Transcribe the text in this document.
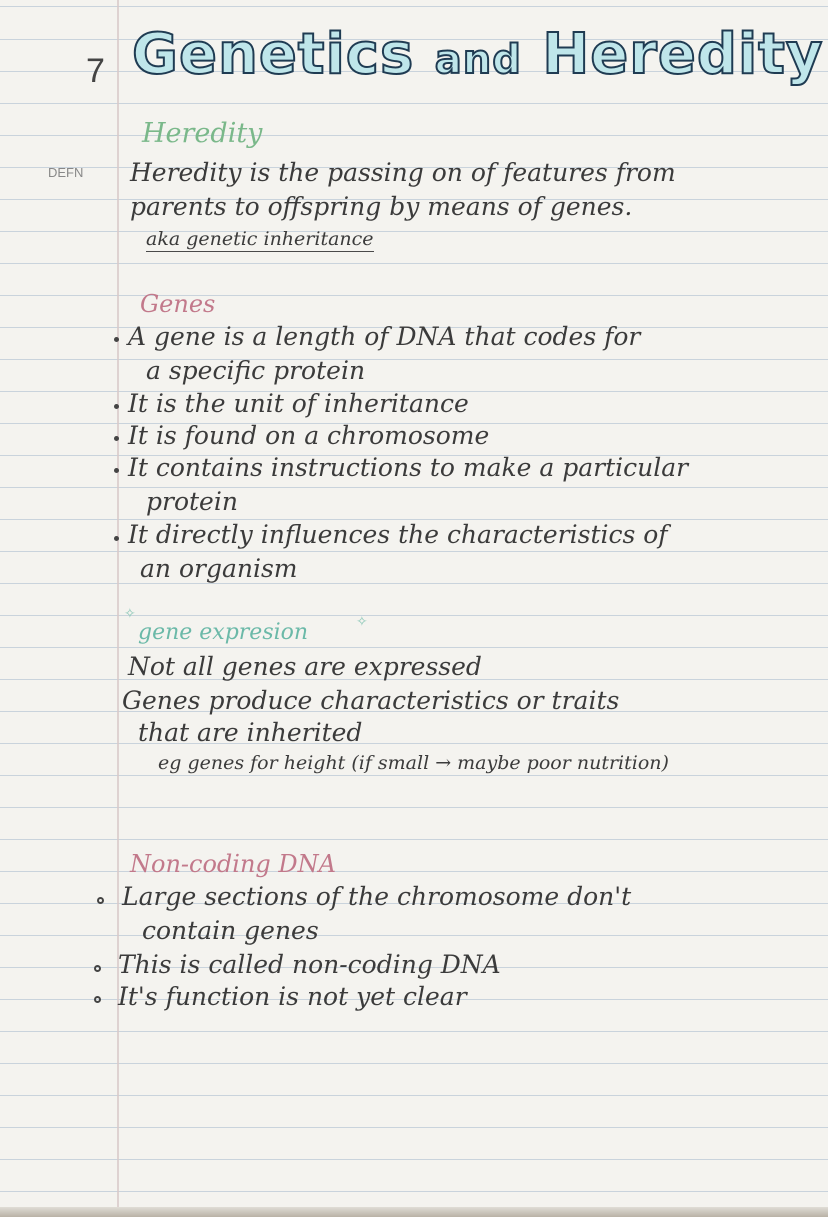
7 Genetics and Heredity
Heredity
DEFN Heredity is the passing on of features from
parents to offspring by means of genes.
aka genetic inheritance
Genes
A gene is a length of DNA that codes for
a specific protein
It is the unit of inheritance
It is found on a chromosome
It contains instructions to make a particular
protein
It directly influences the characteristics of
an organism
✧
gene expresion	✧
Not all genes are expressed
Genes produce characteristics or traits
that are inherited
eg genes for height (if small → maybe poor nutrition)
Non-coding DNA
Large sections of the chromosome don't
contain genes
This is called non-coding DNA
It's function is not yet clear
